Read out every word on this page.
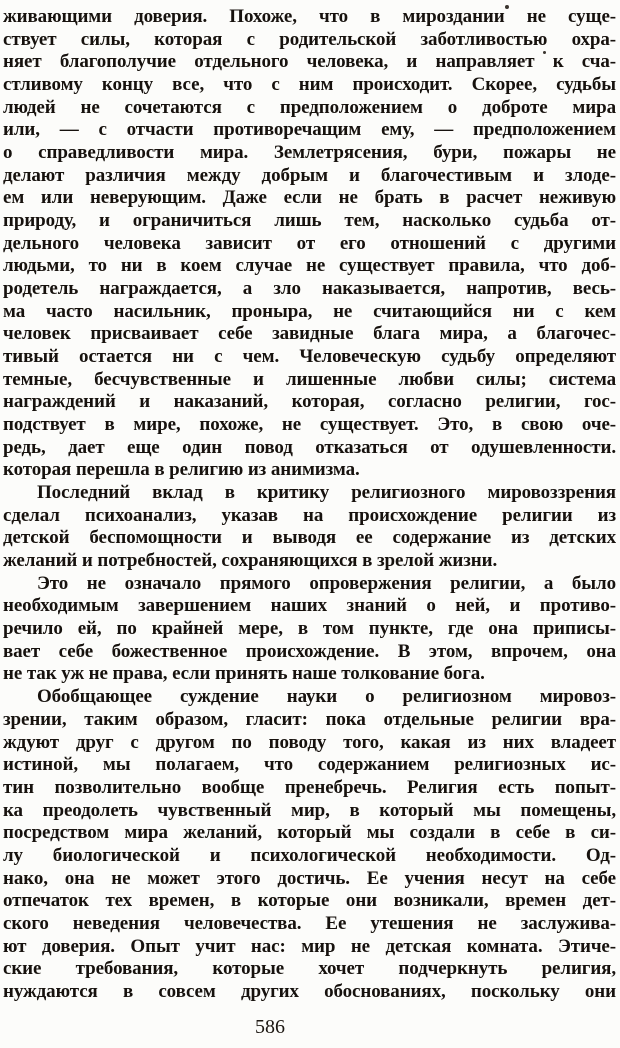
живающими доверия. Похоже, что в мироздании не суще-
ствует силы, которая с родительской заботливостью охра-
няет благополучие отдельного человека, и направляет к сча-
стливому концу все, что с ним происходит. Скорее, судьбы
людей не сочетаются с предположением о доброте мира
или, — с отчасти противоречащим ему, — предположением
о справедливости мира. Землетрясения, бури, пожары не
делают различия между добрым и благочестивым и злоде-
ем или неверующим. Даже если не брать в расчет неживую
природу, и ограничиться лишь тем, насколько судьба от-
дельного человека зависит от его отношений с другими
людьми, то ни в коем случае не существует правила, что доб-
родетель награждается, а зло наказывается, напротив, весь-
ма часто насильник, проныра, не считающийся ни с кем
человек присваивает себе завидные блага мира, а благочес-
тивый остается ни с чем. Человеческую судьбу определяют
темные, бесчувственные и лишенные любви силы; система
награждений и наказаний, которая, согласно религии, гос-
подствует в мире, похоже, не существует. Это, в свою оче-
редь, дает еще один повод отказаться от одушевленности.
которая перешла в религию из анимизма.
Последний вклад в критику религиозного мировоззрения
сделал психоанализ, указав на происхождение религии из
детской беспомощности и выводя ее содержание из детских
желаний и потребностей, сохраняющихся в зрелой жизни.
Это не означало прямого опровержения религии, а было
необходимым завершением наших знаний о ней, и противо-
речило ей, по крайней мере, в том пункте, где она приписы-
вает себе божественное происхождение. В этом, впрочем, она
не так уж не права, если принять наше толкование бога.
Обобщающее суждение науки о религиозном мировоз-
зрении, таким образом, гласит: пока отдельные религии вра-
ждуют друг с другом по поводу того, какая из них владеет
истиной, мы полагаем, что содержанием религиозных ис-
тин позволительно вообще пренебречь. Религия есть попыт-
ка преодолеть чувственный мир, в который мы помещены,
посредством мира желаний, который мы создали в себе в си-
лу биологической и психологической необходимости. Од-
нако, она не может этого достичь. Ее учения несут на себе
отпечаток тех времен, в которые они возникали, времен дет-
ского неведения человечества. Ее утешения не заслужива-
ют доверия. Опыт учит нас: мир не детская комната. Этиче-
ские требования, которые хочет подчеркнуть религия,
нуждаются в совсем других обоснованиях, поскольку они
586
